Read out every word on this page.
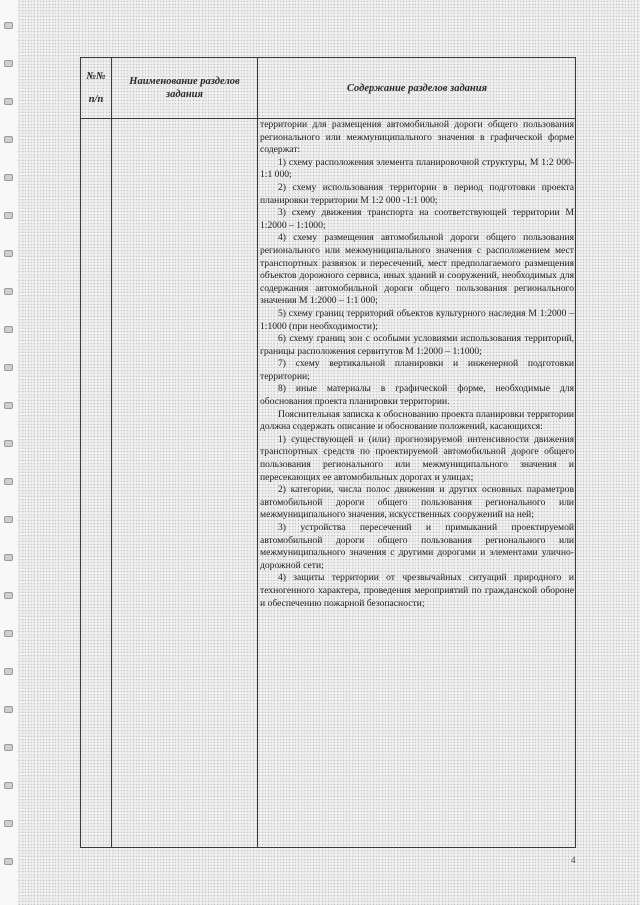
№№
п/п
Наименование разделов задания
Содержание разделов задания

территории для размещения автомобильной дороги общего пользования регионального или межмуниципального значения в графической форме содержат:

1) схему расположения элемента планировочной структуры, М 1:2 000-1:1 000;

2) схему использования территории в период подготовки проекта планировки территории М 1:2 000 -1:1 000;

3) схему движения транспорта на соответствующей территории М 1:2000 – 1:1000;

4) схему размещения автомобильной дороги общего пользования регионального или межмуниципального значения с расположением мест транспортных развязок и пересечений, мест предполагаемого размещения объектов дорожного сервиса, иных зданий и сооружений, необходимых для содержания автомобильной дороги общего пользования регионального значения М 1:2000 – 1:1 000;

5) схему границ территорий объектов культурного наследия М 1:2000 – 1:1000 (при необходимости);

6) схему границ зон с особыми условиями использования территорий, границы расположения сервитутов М 1:2000 – 1:1000;

7) схему вертикальной планировки и инженерной подготовки территории;

8) иные материалы в графической форме, необходимые для обоснования проекта планировки территории.

Пояснительная записка к обоснованию проекта планировки территории должна содержать описание и обоснование положений, касающихся:

1) существующей и (или) прогнозируемой интенсивности движения транспортных средств по проектируемой автомобильной дороге общего пользования регионального или межмуниципального значения и пересекающих ее автомобильных дорогах и улицах;

2) категории, числа полос движения и других основных параметров автомобильной дороги общего пользования регионального или межмуниципального значения, искусственных сооружений на ней;

3) устройства пересечений и примыканий проектируемой автомобильной дороги общего пользования регионального или межмуниципального значения с другими дорогами и элементами улично-дорожной сети;

4) защиты территории от чрезвычайных ситуаций природного и техногенного характера, проведения мероприятий по гражданской обороне и обеспечению пожарной безопасности;

4
